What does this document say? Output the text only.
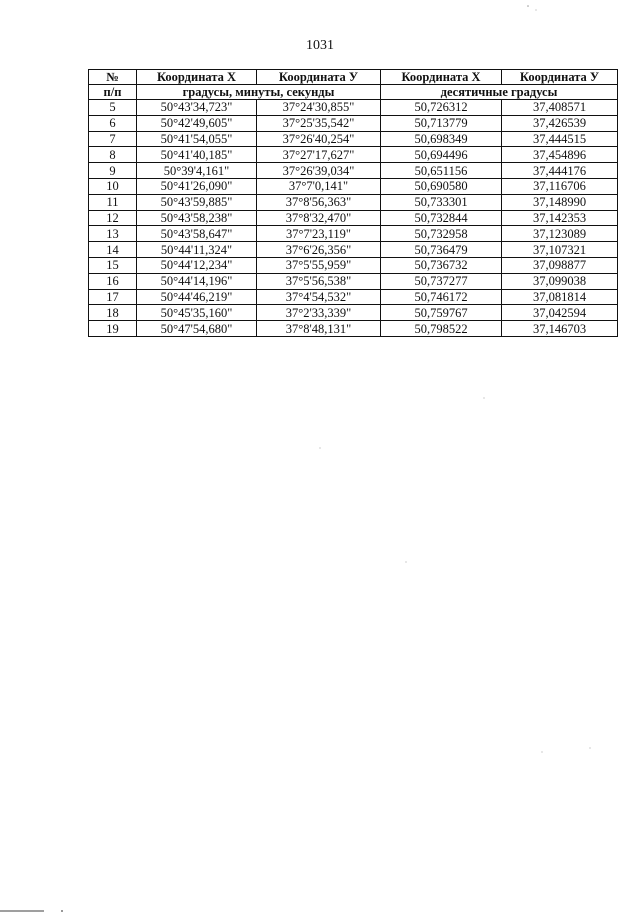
1031
№	Координата X	Координата У	Координата X	Координата У
п/п	градусы, минуты, секунды		десятичные градусы	
5	50°43'34,723"	37°24'30,855"	50,726312	37,408571
6	50°42'49,605"	37°25'35,542"	50,713779	37,426539
7	50°41'54,055"	37°26'40,254"	50,698349	37,444515
8	50°41'40,185"	37°27'17,627"	50,694496	37,454896
9	50°39'4,161"	37°26'39,034"	50,651156	37,444176
10	50°41'26,090"	37°7'0,141"	50,690580	37,116706
11	50°43'59,885"	37°8'56,363"	50,733301	37,148990
12	50°43'58,238"	37°8'32,470"	50,732844	37,142353
13	50°43'58,647"	37°7'23,119"	50,732958	37,123089
14	50°44'11,324"	37°6'26,356"	50,736479	37,107321
15	50°44'12,234"	37°5'55,959"	50,736732	37,098877
16	50°44'14,196"	37°5'56,538"	50,737277	37,099038
17	50°44'46,219"	37°4'54,532"	50,746172	37,081814
18	50°45'35,160"	37°2'33,339"	50,759767	37,042594
19	50°47'54,680"	37°8'48,131"	50,798522	37,146703
